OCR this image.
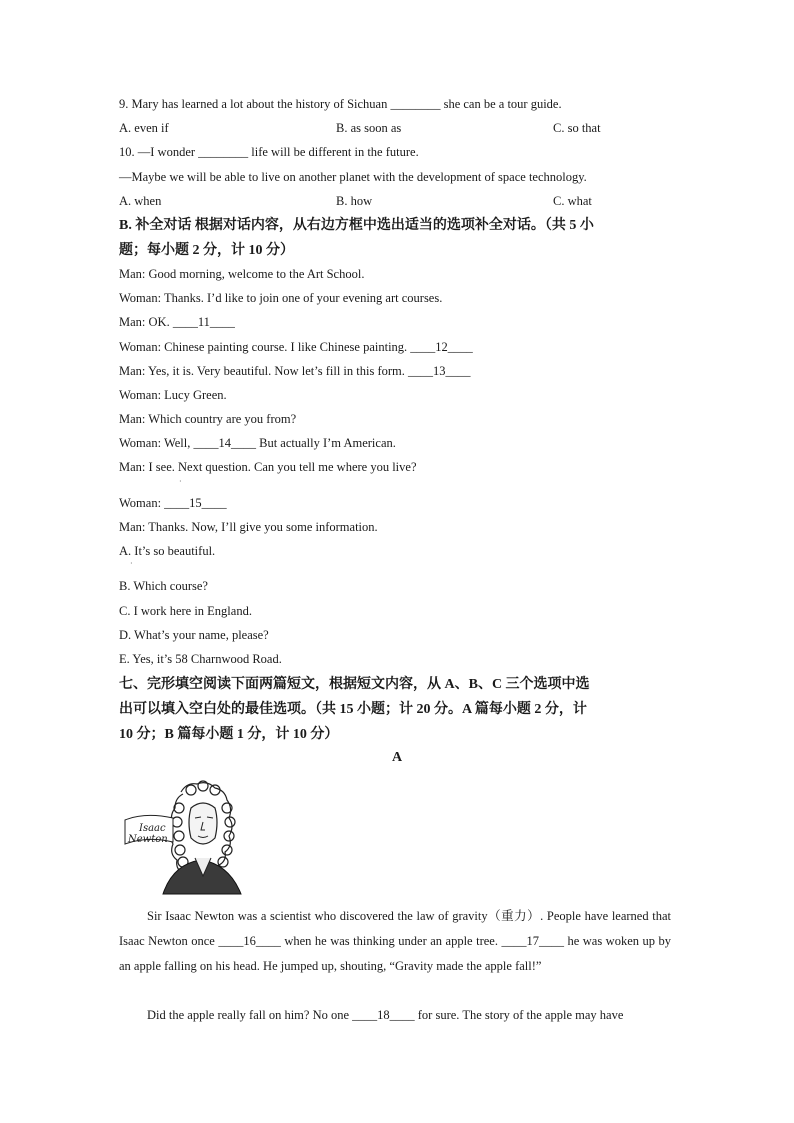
9. Mary has learned a lot about the history of Sichuan ________ she can be a tour guide.
A. even if	B. as soon as	C. so that
10. —I wonder ________ life will be different in the future.
—Maybe we will be able to live on another planet with the development of space technology.
A. when	B. how	C. what
B. 补全对话 根据对话内容，从右边方框中选出适当的选项补全对话。（共 5 小
题；每小题 2 分，计 10 分）
Man: Good morning, welcome to the Art School.
Woman: Thanks. I’d like to join one of your evening art courses.
Man: OK. ____11____
Woman: Chinese painting course. I like Chinese painting. ____12____
Man: Yes, it is. Very beautiful. Now let’s fill in this form. ____13____
Woman: Lucy Green.
Man: Which country are you from?
Woman: Well, ____14____ But actually I’m American.
Man: I see. Next question. Can you tell me where you live?
·
Woman: ____15____
Man: Thanks. Now, I’ll give you some information.
A. It’s so beautiful.
·
B. Which course?
C. I work here in England.
D. What’s your name, please?
E. Yes, it’s 58 Charnwood Road.
七、完形填空阅读下面两篇短文，根据短文内容，从 A、B、C 三个选项中选
出可以填入空白处的最佳选项。（共 15 小题；计 20 分。A 篇每小题 2 分，计
10 分；B 篇每小题 1 分，计 10 分）
A
Isaac
Newton
Sir Isaac Newton was a scientist who discovered the law of gravity（重力）. People have learned that Isaac Newton once ____16____ when he was thinking under an apple tree. ____17____ he was woken up by an apple falling on his head. He jumped up, shouting, “Gravity made the apple fall!”
Did the apple really fall on him? No one ____18____ for sure. The story of the apple may have
